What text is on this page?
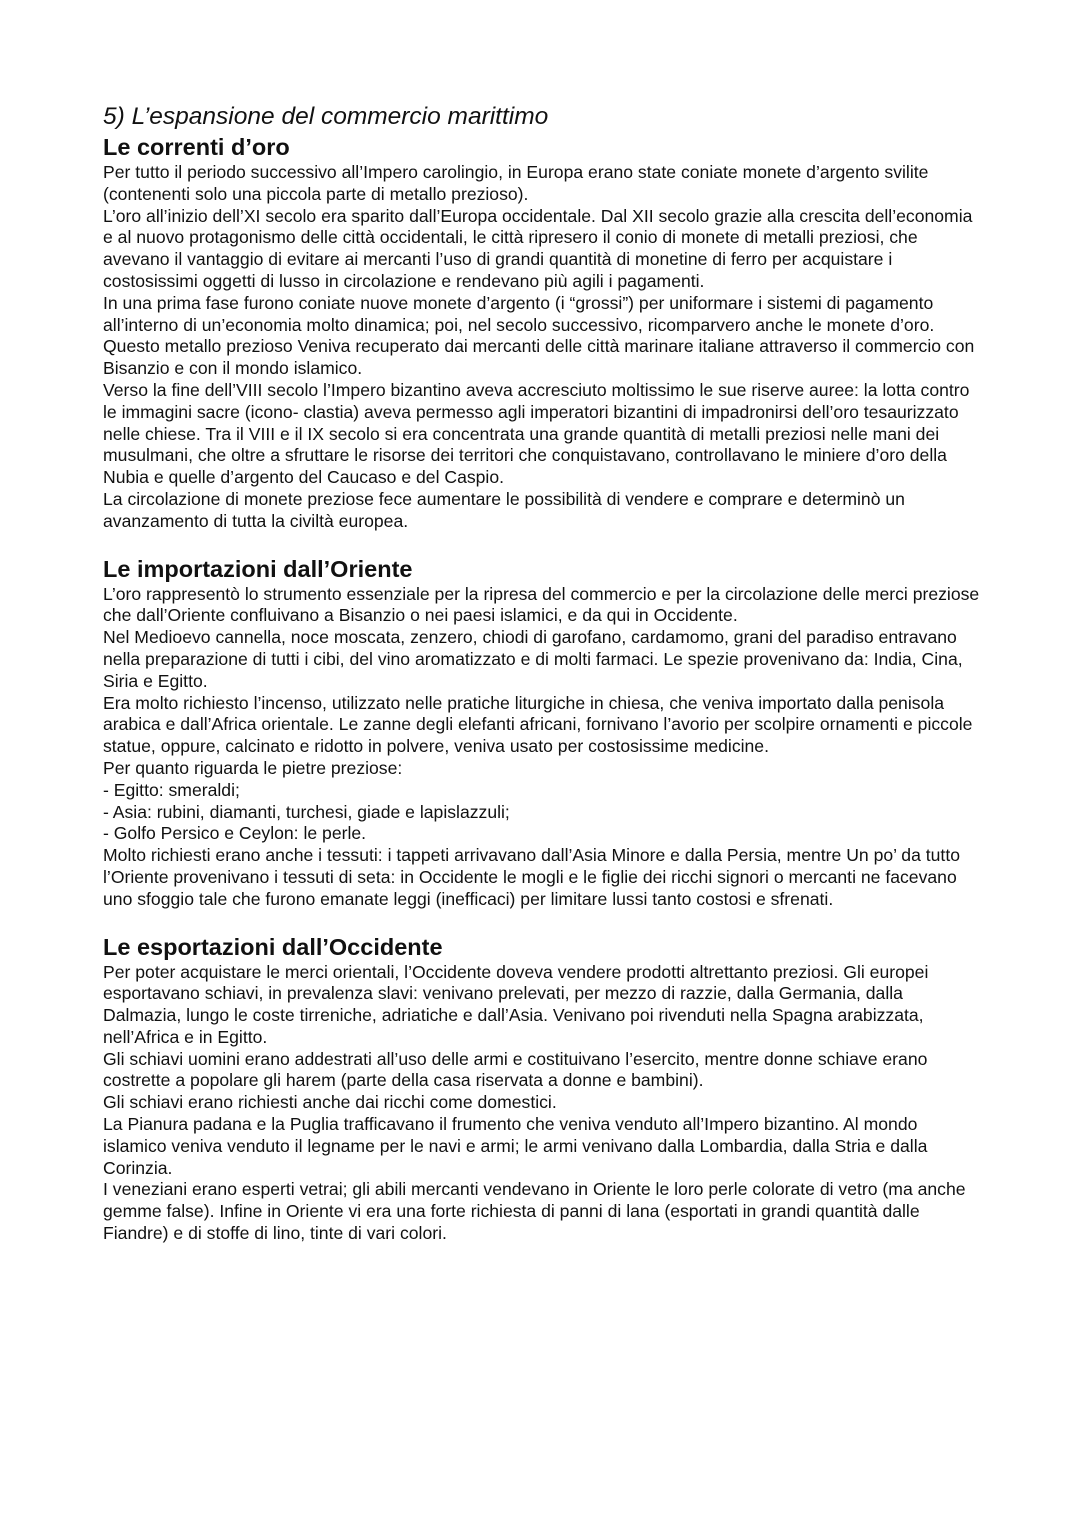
5) L’espansione del commercio marittimo
Le correnti d’oro

Per tutto il periodo successivo all’Impero carolingio, in Europa erano state coniate monete d’argento svilite (contenenti solo una piccola parte di metallo prezioso).

L’oro all’inizio dell’XI secolo era sparito dall’Europa occidentale. Dal XII secolo grazie alla crescita dell’economia e al nuovo protagonismo delle città occidentali, le città ripresero il conio di monete di metalli preziosi, che avevano il vantaggio di evitare ai mercanti l’uso di grandi quantità di monetine di ferro per acquistare i costosissimi oggetti di lusso in circolazione e rendevano più agili i pagamenti.

In una prima fase furono coniate nuove monete d’argento (i “grossi”) per uniformare i sistemi di pagamento all’interno di un’economia molto dinamica; poi, nel secolo successivo, ricomparvero anche le monete d’oro.

Questo metallo prezioso Veniva recuperato dai mercanti delle città marinare italiane attraverso il commercio con Bisanzio e con il mondo islamico.

Verso la fine dell’VIII secolo l’Impero bizantino aveva accresciuto moltissimo le sue riserve auree: la lotta contro le immagini sacre (icono- clastia) aveva permesso agli imperatori bizantini di impadronirsi dell’oro tesaurizzato nelle chiese. Tra il VIII e il IX secolo si era concentrata una grande quantità di metalli preziosi nelle mani dei musulmani, che oltre a sfruttare le risorse dei territori che conquistavano, controllavano le miniere d’oro della Nubia e quelle d’argento del Caucaso e del Caspio.

La circolazione di monete preziose fece aumentare le possibilità di vendere e comprare e determinò un avanzamento di tutta la civiltà europea.

Le importazioni dall’Oriente

L’oro rappresentò lo strumento essenziale per la ripresa del commercio e per la circolazione delle merci preziose che dall’Oriente confluivano a Bisanzio o nei paesi islamici, e da qui in Occidente.

Nel Medioevo cannella, noce moscata, zenzero, chiodi di garofano, cardamomo, grani del paradiso entravano nella preparazione di tutti i cibi, del vino aromatizzato e di molti farmaci. Le spezie provenivano da: India, Cina, Siria e Egitto.

Era molto richiesto l’incenso, utilizzato nelle pratiche liturgiche in chiesa, che veniva importato dalla penisola arabica e dall’Africa orientale. Le zanne degli elefanti africani, fornivano l’avorio per scolpire ornamenti e piccole statue, oppure, calcinato e ridotto in polvere, veniva usato per costosissime medicine.

Per quanto riguarda le pietre preziose:

- Egitto: smeraldi;

- Asia: rubini, diamanti, turchesi, giade e lapislazzuli;

- Golfo Persico e Ceylon: le perle.

Molto richiesti erano anche i tessuti: i tappeti arrivavano dall’Asia Minore e dalla Persia, mentre Un po’ da tutto l’Oriente provenivano i tessuti di seta: in Occidente le mogli e le figlie dei ricchi signori o mercanti ne facevano uno sfoggio tale che furono emanate leggi (inefficaci) per limitare lussi tanto costosi e sfrenati.

Le esportazioni dall’Occidente

Per poter acquistare le merci orientali, l’Occidente doveva vendere prodotti altrettanto preziosi. Gli europei esportavano schiavi, in prevalenza slavi: venivano prelevati, per mezzo di razzie, dalla Germania, dalla Dalmazia, lungo le coste tirreniche, adriatiche e dall’Asia. Venivano poi rivenduti nella Spagna arabizzata, nell’Africa e in Egitto.

Gli schiavi uomini erano addestrati all’uso delle armi e costituivano l’esercito, mentre donne schiave erano costrette a popolare gli harem (parte della casa riservata a donne e bambini).

Gli schiavi erano richiesti anche dai ricchi come domestici.

La Pianura padana e la Puglia trafficavano il frumento che veniva venduto all’Impero bizantino. Al mondo islamico veniva venduto il legname per le navi e armi; le armi venivano dalla Lombardia, dalla Stria e dalla Corinzia.

I veneziani erano esperti vetrai; gli abili mercanti vendevano in Oriente le loro perle colorate di vetro (ma anche gemme false). Infine in Oriente vi era una forte richiesta di panni di lana (esportati in grandi quantità dalle Fiandre) e di stoffe di lino, tinte di vari colori.
